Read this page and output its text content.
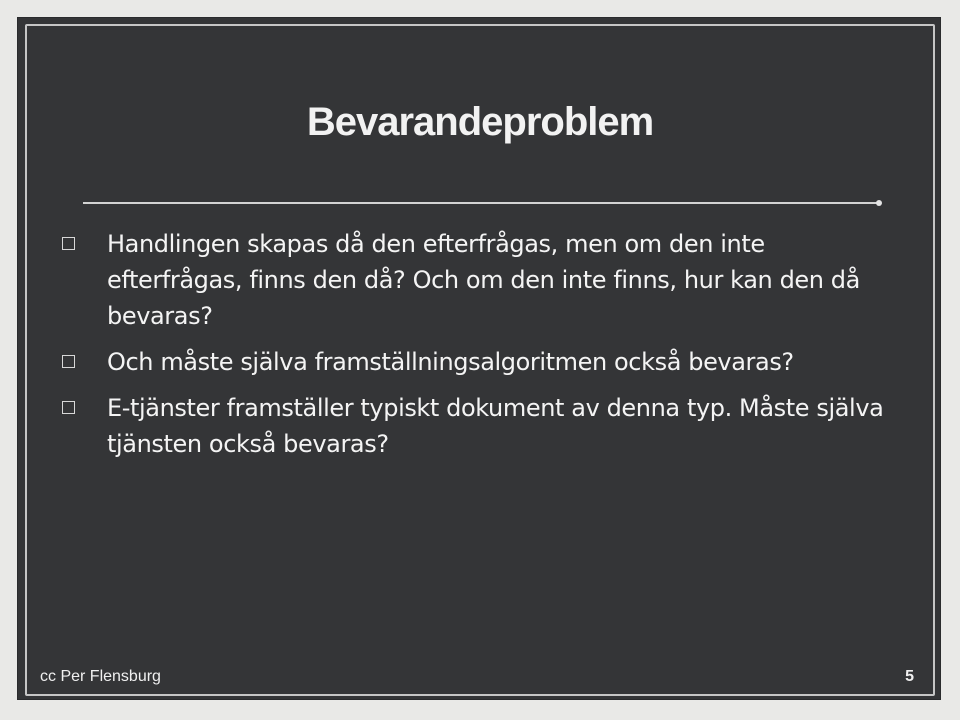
Bevarandeproblem
Handlingen skapas då den efterfrågas, men om den inte efterfrågas, finns den då? Och om den inte finns, hur kan den då bevaras?
Och måste själva framställningsalgoritmen också bevaras?
E-tjänster framställer typiskt dokument av denna typ. Måste själva tjänsten också bevaras?
cc Per Flensburg	5
